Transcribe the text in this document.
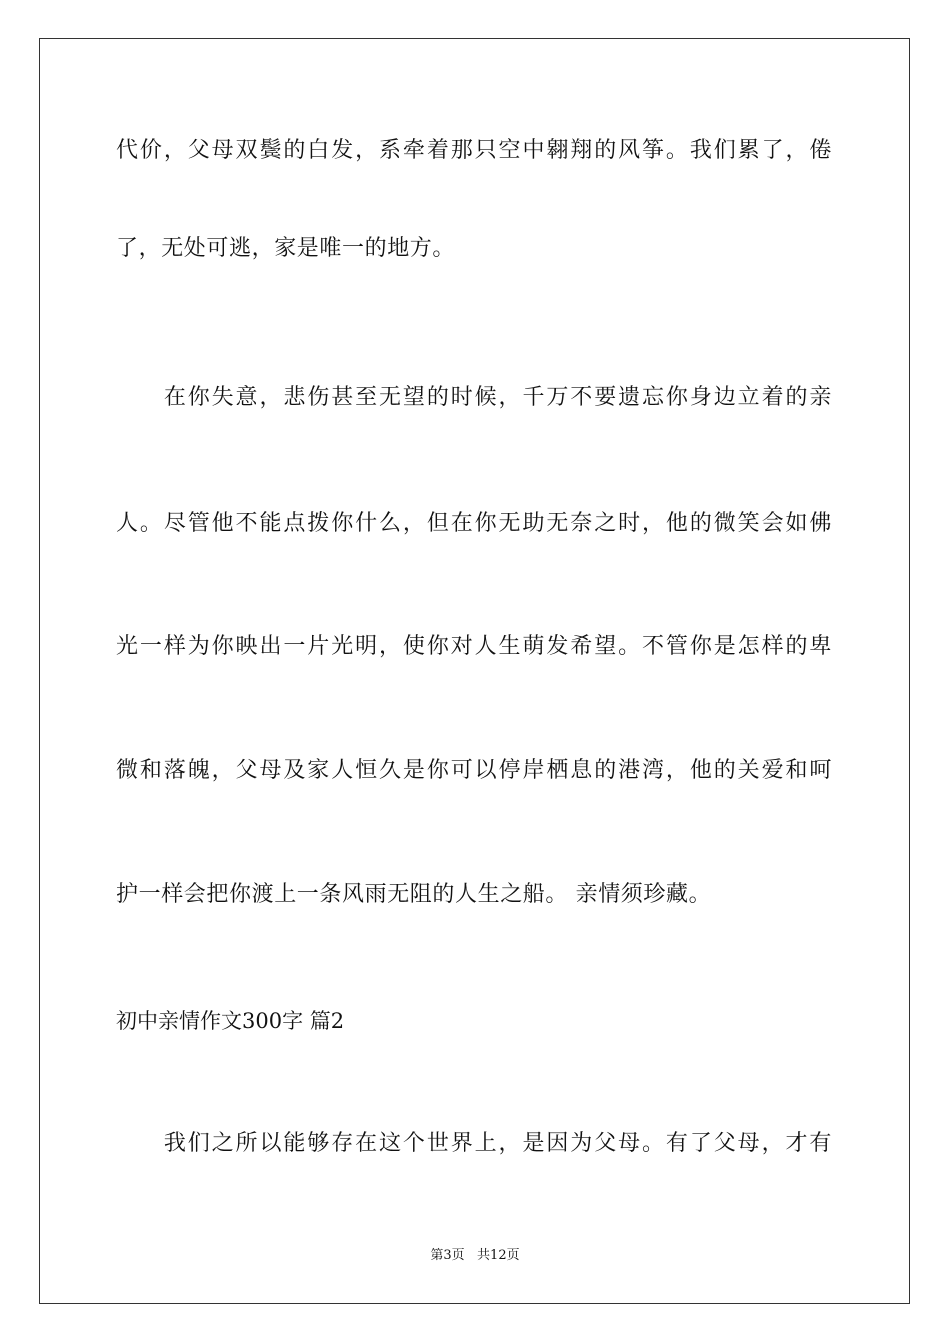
代价，父母双鬓的白发，系牵着那只空中翱翔的风筝。我们累了，倦
了，无处可逃，家是唯一的地方。
　　在你失意，悲伤甚至无望的时候，千万不要遗忘你身边立着的亲
人。尽管他不能点拨你什么，但在你无助无奈之时，他的微笑会如佛
光一样为你映出一片光明，使你对人生萌发希望。不管你是怎样的卑
微和落魄，父母及家人恒久是你可以停岸栖息的港湾，他的关爱和呵
护一样会把你渡上一条风雨无阻的人生之船。 亲情须珍藏。
初中亲情作文300字 篇2
　　我们之所以能够存在这个世界上，是因为父母。有了父母，才有
第3页   共12页
